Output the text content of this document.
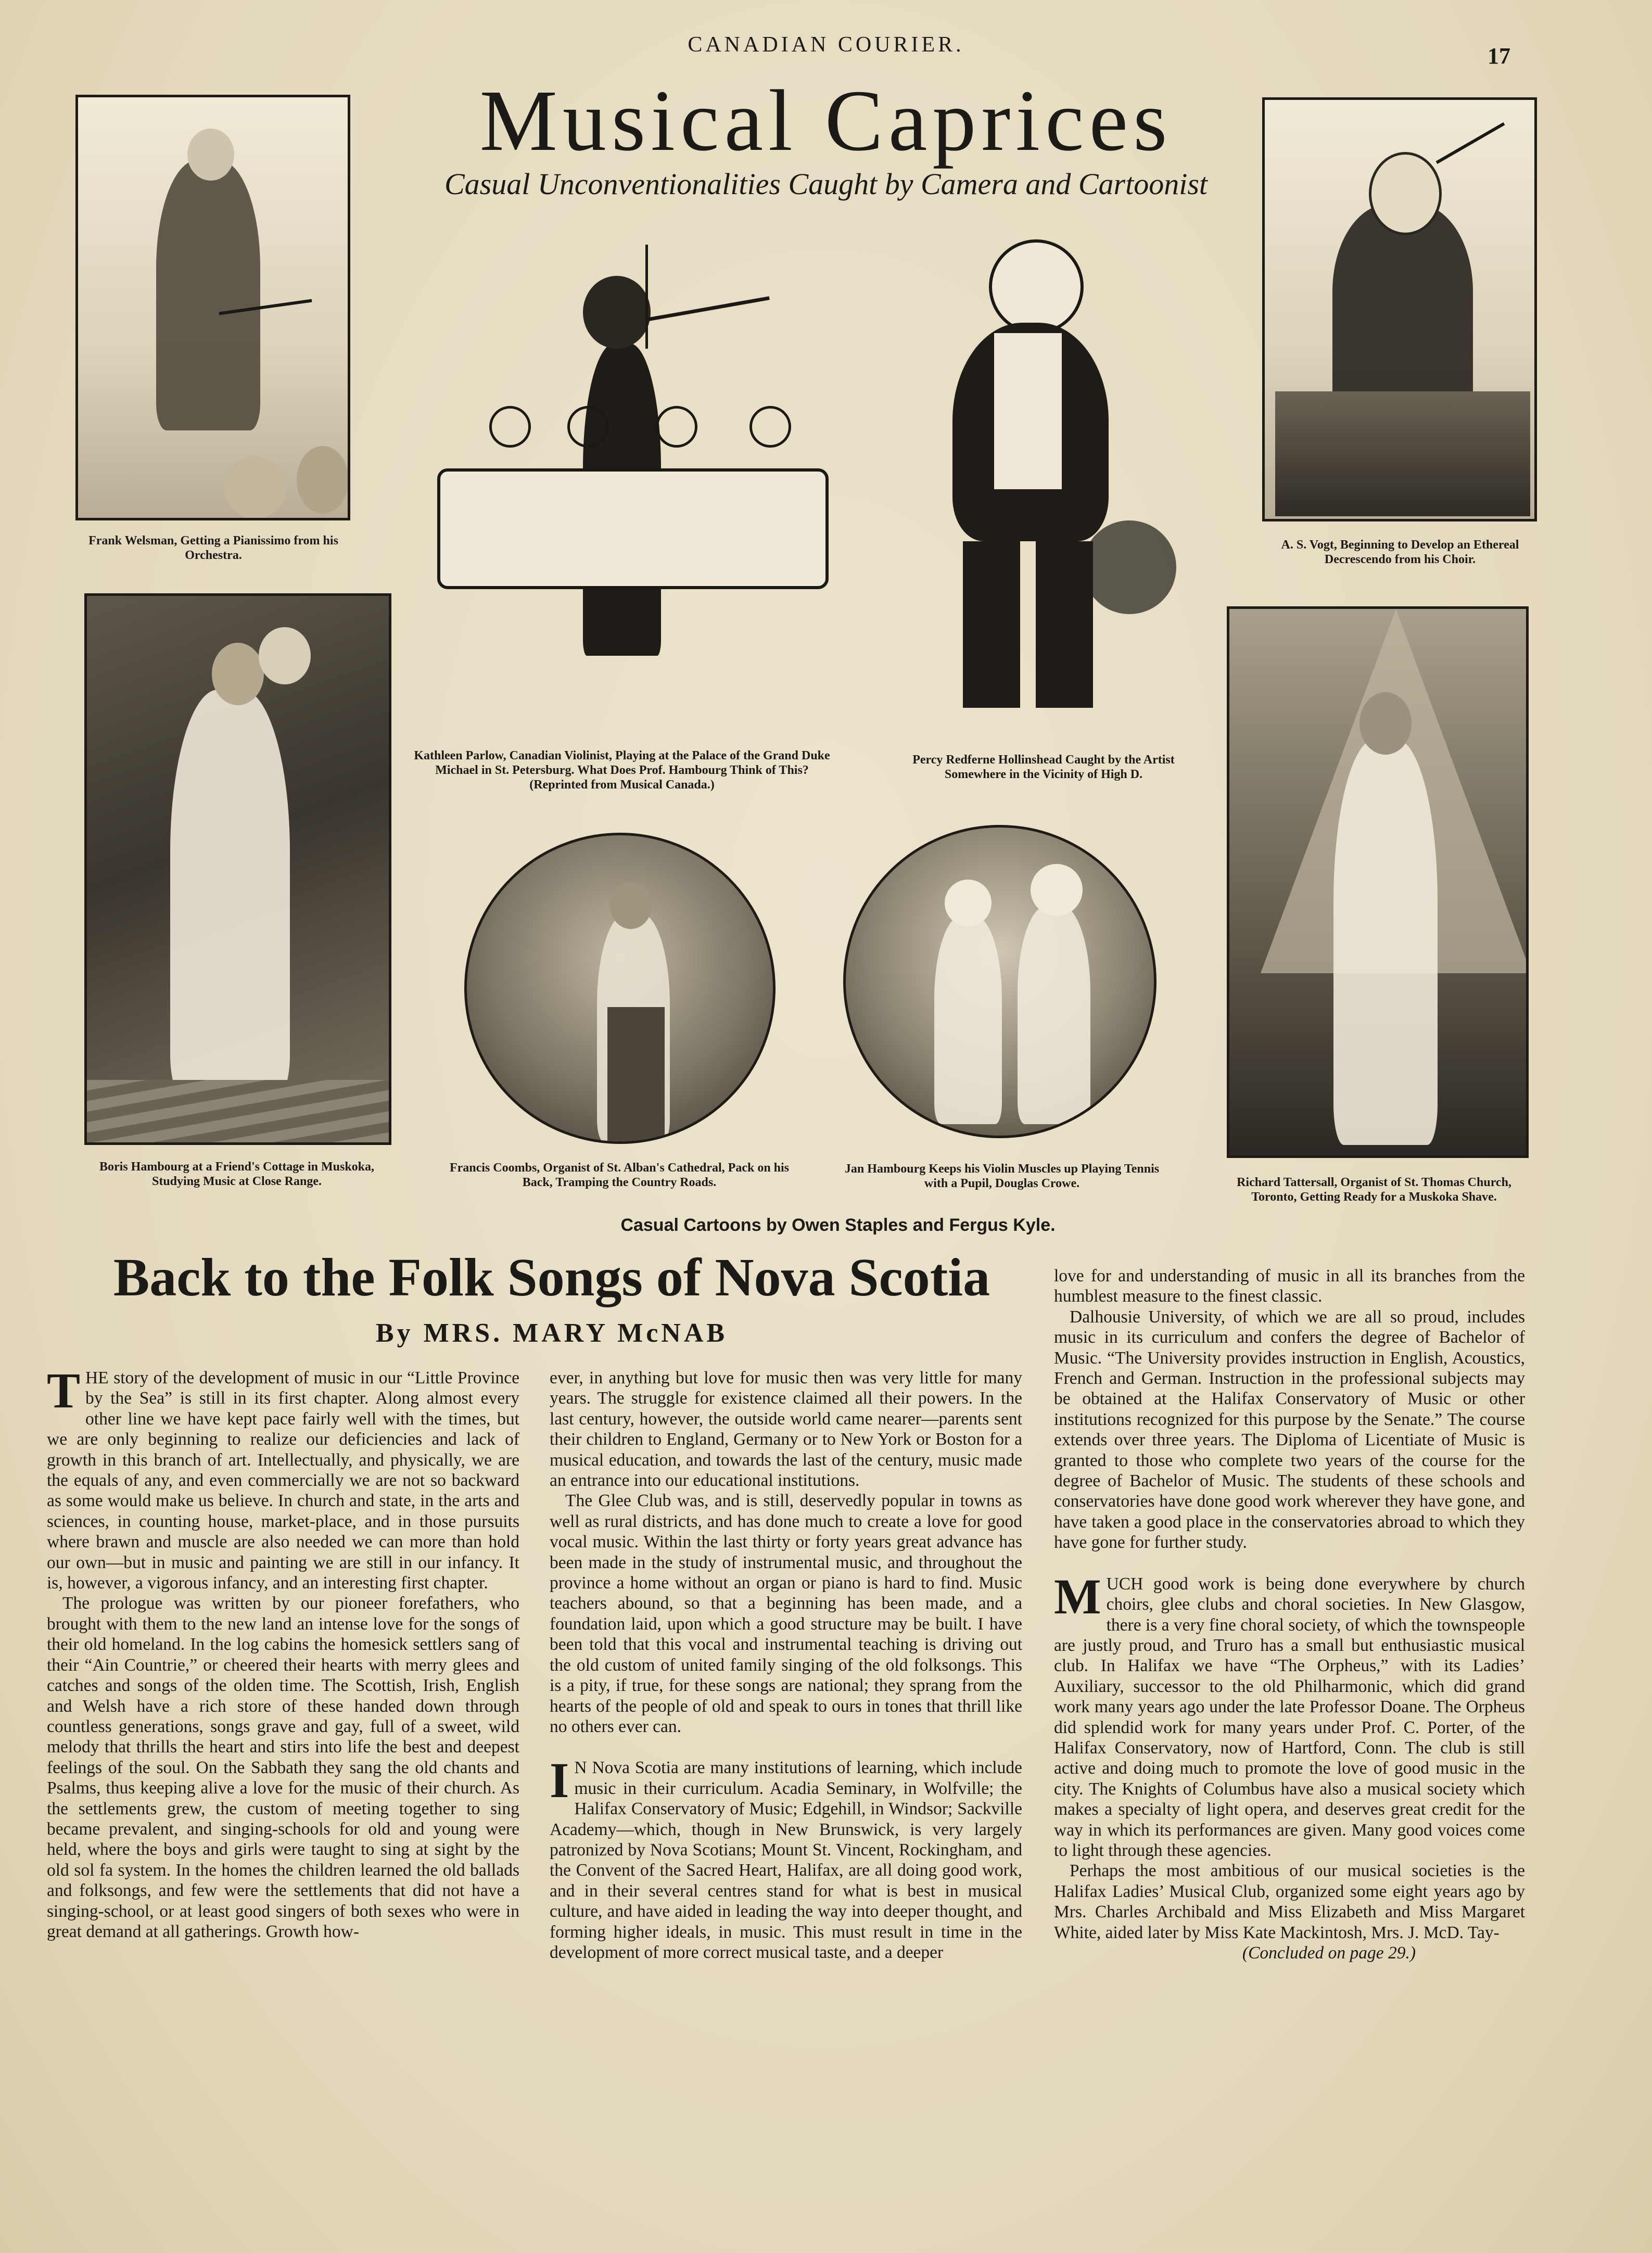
CANADIAN COURIER.	17
Musical Caprices
Casual Unconventionalities Caught by Camera and Cartoonist
Frank Welsman, Getting a Pianissimo from his Orchestra.
A. S. Vogt, Beginning to Develop an Ethereal Decrescendo from his Choir.
Kathleen Parlow, Canadian Violinist, Playing at the Palace of the Grand Duke Michael in St. Petersburg. What Does Prof. Hambourg Think of This? (Reprinted from Musical Canada.)
Percy Redferne Hollinshead Caught by the Artist Somewhere in the Vicinity of High D.
Boris Hambourg at a Friend's Cottage in Muskoka, Studying Music at Close Range.
Francis Coombs, Organist of St. Alban's Cathedral, Pack on his Back, Tramping the Country Roads.
Jan Hambourg Keeps his Violin Muscles up Playing Tennis with a Pupil, Douglas Crowe.	Richard Tattersall, Organist of St. Thomas Church, Toronto, Getting Ready for a Muskoka Shave.
Casual Cartoons by Owen Staples and Fergus Kyle.
Back to the Folk Songs of Nova Scotia
By MRS. MARY McNAB

THE story of the development of music in our “Little Province by the Sea” is still in its first chapter. Along almost every other line we have kept pace fairly well with the times, but we are only beginning to realize our deficiencies and lack of growth in this branch of art. Intellectually, and physically, we are the equals of any, and even commercially we are not so backward as some would make us believe. In church and state, in the arts and sciences, in counting house, market-place, and in those pursuits where brawn and muscle are also needed we can more than hold our own—but in music and painting we are still in our infancy. It is, however, a vigorous infancy, and an interesting first chapter.

The prologue was written by our pioneer forefathers, who brought with them to the new land an intense love for the songs of their old homeland. In the log cabins the homesick settlers sang of their “Ain Countrie,” or cheered their hearts with merry glees and catches and songs of the olden time. The Scottish, Irish, English and Welsh have a rich store of these handed down through countless generations, songs grave and gay, full of a sweet, wild melody that thrills the heart and stirs into life the best and deepest feelings of the soul. On the Sabbath they sang the old chants and Psalms, thus keeping alive a love for the music of their church. As the settlements grew, the custom of meeting together to sing became prevalent, and singing-schools for old and young were held, where the boys and girls were taught to sing at sight by the old sol fa system. In the homes the children learned the old ballads and folksongs, and few were the settlements that did not have a singing-school, or at least good singers of both sexes who were in great demand at all gatherings. Growth how-

ever, in anything but love for music then was very little for many years. The struggle for existence claimed all their powers. In the last century, however, the outside world came nearer—parents sent their children to England, Germany or to New York or Boston for a musical education, and towards the last of the century, music made an entrance into our educational institutions.

The Glee Club was, and is still, deservedly popular in towns as well as rural districts, and has done much to create a love for good vocal music. Within the last thirty or forty years great advance has been made in the study of instrumental music, and throughout the province a home without an organ or piano is hard to find. Music teachers abound, so that a beginning has been made, and a foundation laid, upon which a good structure may be built. I have been told that this vocal and instrumental teaching is driving out the old custom of united family singing of the old folksongs. This is a pity, if true, for these songs are national; they sprang from the hearts of the people of old and speak to ours in tones that thrill like no others ever can.

I N Nova Scotia are many institutions of learning, which include music in their curriculum. Acadia Seminary, in Wolfville; the Halifax Conservatory of Music; Edgehill, in Windsor; Sackville Academy—which, though in New Brunswick, is very largely patronized by Nova Scotians; Mount St. Vincent, Rockingham, and the Convent of the Sacred Heart, Halifax, are all doing good work, and in their several centres stand for what is best in musical culture, and have aided in leading the way into deeper thought, and forming higher ideals, in music. This must result in time in the development of more correct musical taste, and a deeper

love for and understanding of music in all its branches from the humblest measure to the finest classic.

Dalhousie University, of which we are all so proud, includes music in its curriculum and confers the degree of Bachelor of Music. “The University provides instruction in English, Acoustics, French and German. Instruction in the professional subjects may be obtained at the Halifax Conservatory of Music or other institutions recognized for this purpose by the Senate.” The course extends over three years. The Diploma of Licentiate of Music is granted to those who complete two years of the course for the degree of Bachelor of Music. The students of these schools and conservatories have done good work wherever they have gone, and have taken a good place in the conservatories abroad to which they have gone for further study.

MUCH good work is being done everywhere by church choirs, glee clubs and choral societies. In New Glasgow, there is a very fine choral society, of which the townspeople are justly proud, and Truro has a small but enthusiastic musical club. In Halifax we have “The Orpheus,” with its Ladies’ Auxiliary, successor to the old Philharmonic, which did grand work many years ago under the late Professor Doane. The Orpheus did splendid work for many years under Prof. C. Porter, of the Halifax Conservatory, now of Hartford, Conn. The club is still active and doing much to promote the love of good music in the city. The Knights of Columbus have also a musical society which makes a specialty of light opera, and deserves great credit for the way in which its performances are given. Many good voices come to light through these agencies.

Perhaps the most ambitious of our musical societies is the Halifax Ladies’ Musical Club, organized some eight years ago by Mrs. Charles Archibald and Miss Elizabeth and Miss Margaret White, aided later by Miss Kate Mackintosh, Mrs. J. McD. Tay-

(Concluded on page 29.)
